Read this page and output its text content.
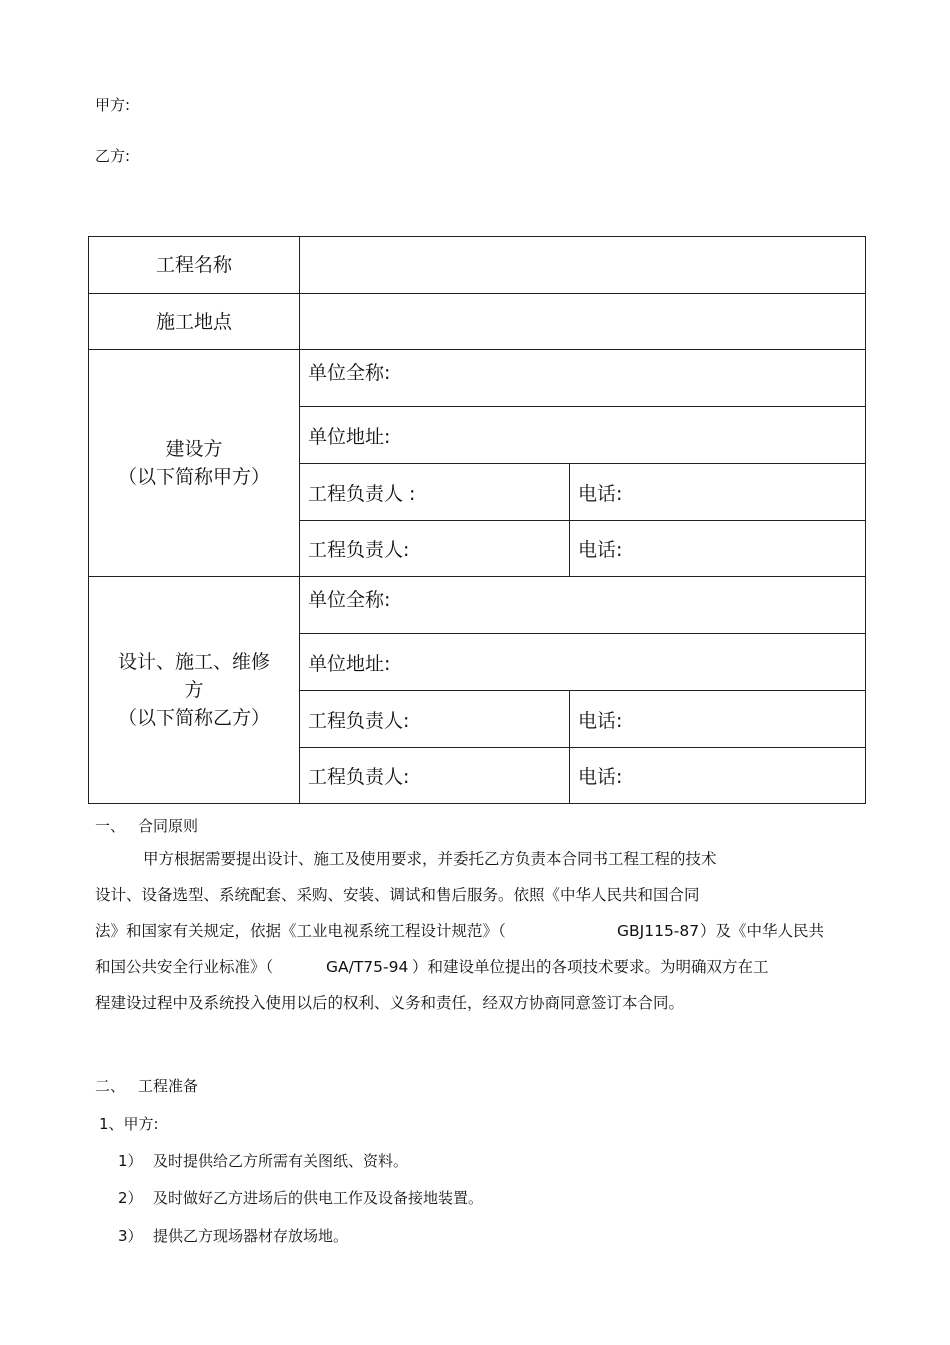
甲方:
乙方:
工程名称		
施工地点		

建设方
（以下简称甲方）	单位全称:	
	单位地址:	
	工程负责人 :	电话:
	工程负责人:	电话:

设计、施工、维修
方
（以下简称乙方）	单位全称:	
	单位地址:	
	工程负责人:	电话:
	工程负责人:	电话:
一、 合同原则
甲方根据需要提出设计、施工及使用要求，并委托乙方负责本合同书工程工程的技术
设计、设备选型、系统配套、采购、安装、调试和售后服务。依照《中华人民共和国合同
法》和国家有关规定，依据《工业电视系统工程设计规范》（	GBJ115-87 ）及《中华人民共
和国公共安全行业标准》（	GA/T75-94 ）和建设单位提出的各项技术要求。为明确双方在工
程建设过程中及系统投入使用以后的权利、义务和责任，经双方协商同意签订本合同。
二、 工程准备
1、甲方:
1） 及时提供给乙方所需有关图纸、资料。
2） 及时做好乙方进场后的供电工作及设备接地装置。
3） 提供乙方现场器材存放场地。
